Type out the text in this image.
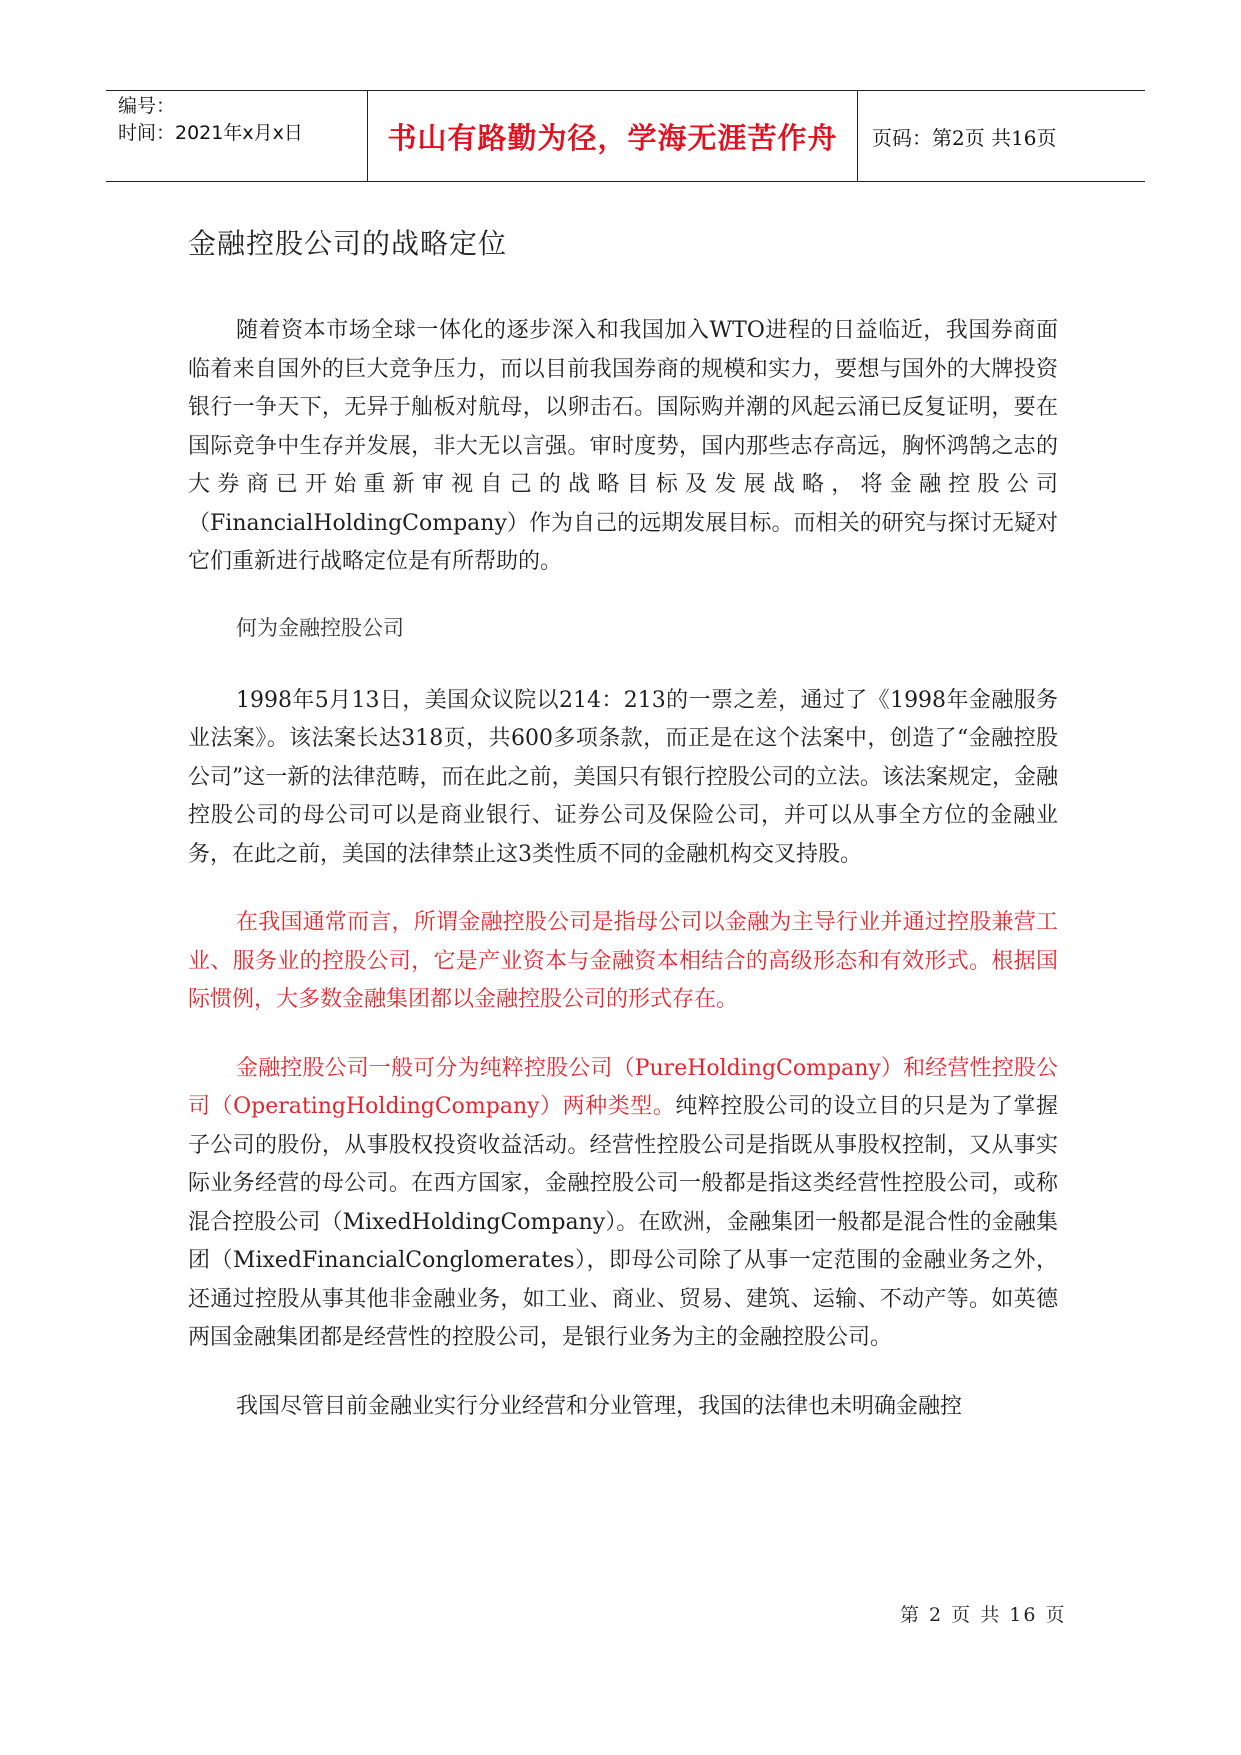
编号：
时间：2021年x月x日	书山有路勤为径，学海无涯苦作舟	页码：第2页 共16页
金融控股公司的战略定位

随着资本市场全球一体化的逐步深入和我国加入WTO进程的日益临近，我国券商面临着来自国外的巨大竞争压力，而以目前我国券商的规模和实力，要想与国外的大牌投资银行一争天下，无异于舢板对航母，以卵击石。国际购并潮的风起云涌已反复证明，要在国际竞争中生存并发展，非大无以言强。审时度势，国内那些志存高远，胸怀鸿鹄之志的大券商已开始重新审视自己的战略目标及发展战略，将金融控股公司（FinancialHoldingCompany）作为自己的远期发展目标。而相关的研究与探讨无疑对它们重新进行战略定位是有所帮助的。

何为金融控股公司

1998年5月13日，美国众议院以214：213的一票之差，通过了《1998年金融服务业法案》。该法案长达318页，共600多项条款，而正是在这个法案中，创造了“金融控股公司”这一新的法律范畴，而在此之前，美国只有银行控股公司的立法。该法案规定，金融控股公司的母公司可以是商业银行、证券公司及保险公司，并可以从事全方位的金融业务，在此之前，美国的法律禁止这3类性质不同的金融机构交叉持股。

在我国通常而言，所谓金融控股公司是指母公司以金融为主导行业并通过控股兼营工业、服务业的控股公司，它是产业资本与金融资本相结合的高级形态和有效形式。根据国际惯例，大多数金融集团都以金融控股公司的形式存在。

金融控股公司一般可分为纯粹控股公司（PureHoldingCompany）和经营性控股公司（OperatingHoldingCompany）两种类型。纯粹控股公司的设立目的只是为了掌握子公司的股份，从事股权投资收益活动。经营性控股公司是指既从事股权控制，又从事实际业务经营的母公司。在西方国家，金融控股公司一般都是指这类经营性控股公司，或称混合控股公司（MixedHoldingCompany）。在欧洲，金融集团一般都是混合性的金融集团（MixedFinancialConglomerates），即母公司除了从事一定范围的金融业务之外，还通过控股从事其他非金融业务，如工业、商业、贸易、建筑、运输、不动产等。如英德两国金融集团都是经营性的控股公司，是银行业务为主的金融控股公司。

我国尽管目前金融业实行分业经营和分业管理，我国的法律也未明确金融控

第 2 页 共 16 页
